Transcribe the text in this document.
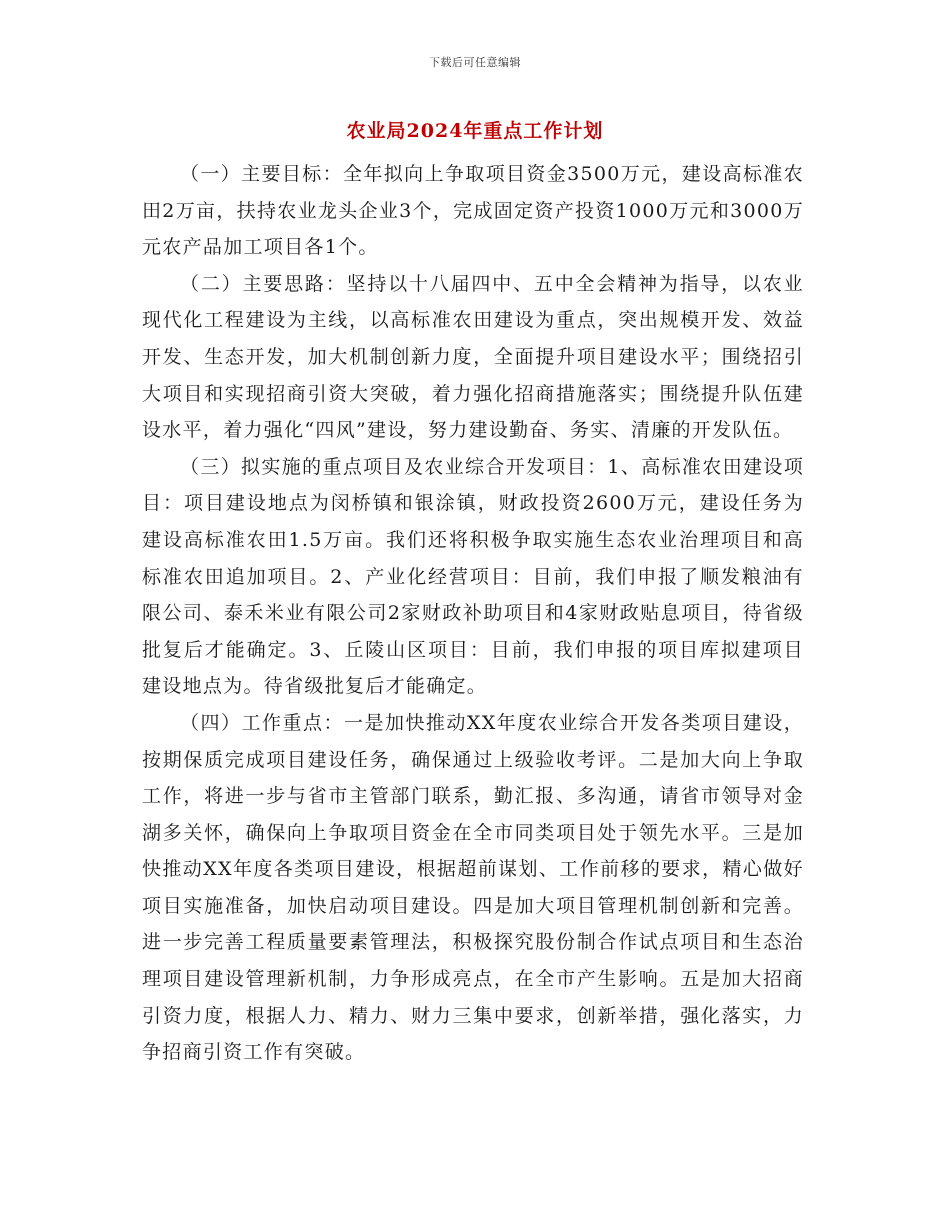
下载后可任意编辑
农业局2024年重点工作计划

（一）主要目标：全年拟向上争取项目资金3500万元，建设高标准农田2万亩，扶持农业龙头企业3个，完成固定资产投资1000万元和3000万元农产品加工项目各1个。

（二）主要思路：坚持以十八届四中、五中全会精神为指导，以农业现代化工程建设为主线，以高标准农田建设为重点，突出规模开发、效益开发、生态开发，加大机制创新力度，全面提升项目建设水平；围绕招引大项目和实现招商引资大突破，着力强化招商措施落实；围绕提升队伍建设水平，着力强化“四风”建设，努力建设勤奋、务实、清廉的开发队伍。

（三）拟实施的重点项目及农业综合开发项目：1、高标准农田建设项目：项目建设地点为闵桥镇和银涂镇，财政投资2600万元，建设任务为建设高标准农田1.5万亩。我们还将积极争取实施生态农业治理项目和高标准农田追加项目。2、产业化经营项目：目前，我们申报了顺发粮油有限公司、泰禾米业有限公司2家财政补助项目和4家财政贴息项目，待省级批复后才能确定。3、丘陵山区项目：目前，我们申报的项目库拟建项目建设地点为。待省级批复后才能确定。

（四）工作重点：一是加快推动XX年度农业综合开发各类项目建设，按期保质完成项目建设任务，确保通过上级验收考评。二是加大向上争取工作，将进一步与省市主管部门联系，勤汇报、多沟通，请省市领导对金湖多关怀，确保向上争取项目资金在全市同类项目处于领先水平。三是加快推动XX年度各类项目建设，根据超前谋划、工作前移的要求，精心做好项目实施准备，加快启动项目建设。四是加大项目管理机制创新和完善。进一步完善工程质量要素管理法，积极探究股份制合作试点项目和生态治理项目建设管理新机制，力争形成亮点，在全市产生影响。五是加大招商引资力度，根据人力、精力、财力三集中要求，创新举措，强化落实，力争招商引资工作有突破。
